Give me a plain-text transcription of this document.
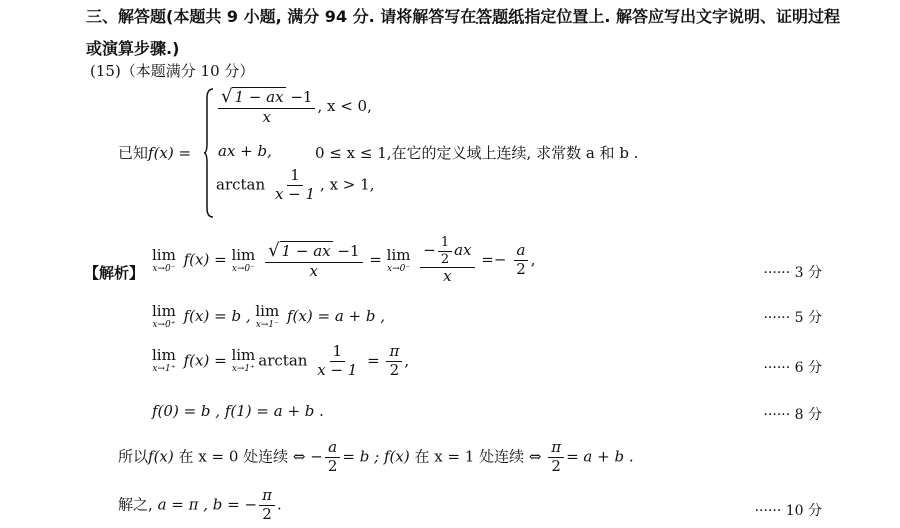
三、解答题(本题共 9 小题, 满分 94 分. 请将解答写在答题纸指定位置上. 解答应写出文字说明、证明过程
或演算步骤.)
(15)（本题满分 10 分）
已知f(x) =
$\frac{√ 1 - ax -1}{x}$ , x < 0,
ax + b,	0 ≤ x ≤ 1,在它的定义域上连续, 求常数 a 和 b .
$\arctan \frac{1}{x - 1}$ , x > 1,
【解析】
lim
x→0⁻ f(x) = lim
x→0⁻
$\frac{√ 1 - ax -1}{x} = \lim$
x→0⁻
$\frac{- \frac{1}{2} ax}{x} =- \frac{a}{2}$ ,
······ 3 分
lim
x→0⁺ f(x) = b , lim
x→1⁻ f(x) = a + b ,	······ 5 分
lim
x→1⁺ f(x) = lim
x→1⁺ $\arctan \frac{1}{x - 1} = \frac{\pi}{2}$ ,	······ 6 分
f(0) = b , f(1) = a + b .	······ 8 分
所以f(x) 在 x = 0 处连续 ⇔ − $\frac{a}{2} = b$ ; f(x) 在 x = 1 处连续 ⇔ $\frac{\pi}{2} = a + b$ .
解之, a = π , b = − $\frac{\pi}{2}$ .	······ 10 分
